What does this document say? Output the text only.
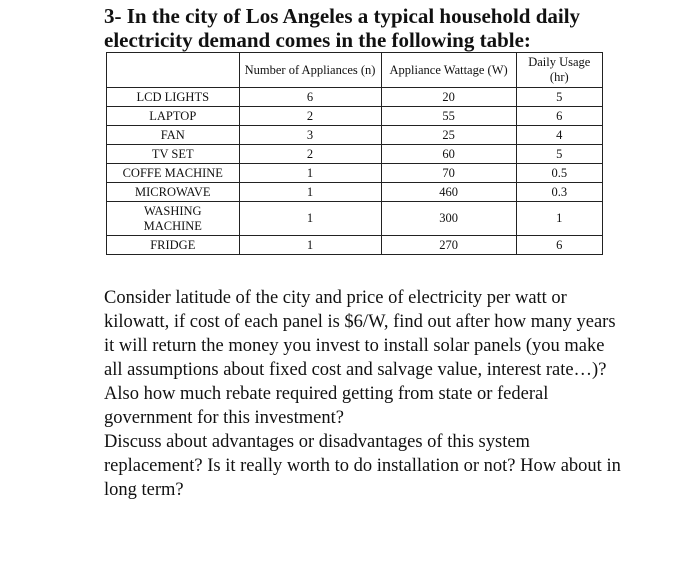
3- In the city of Los Angeles a typical household daily electricity demand comes in the following table:
	Number of Appliances (n)	Appliance Wattage (W)	Daily Usage (hr)
LCD LIGHTS	6	20	5
LAPTOP	2	55	6
FAN	3	25	4
TV SET	2	60	5
COFFE MACHINE	1	70	0.5
MICROWAVE	1	460	0.3
WASHING MACHINE	1	300	1
FRIDGE	1	270	6

Consider latitude of the city and price of electricity per watt or kilowatt, if cost of each panel is $6/W, find out after how many years it will return the money you invest to install solar panels (you make all assumptions about fixed cost and salvage value, interest rate…)?

Also how much rebate required getting from state or federal government for this investment?

Discuss about advantages or disadvantages of this system replacement? Is it really worth to do installation or not? How about in long term?
